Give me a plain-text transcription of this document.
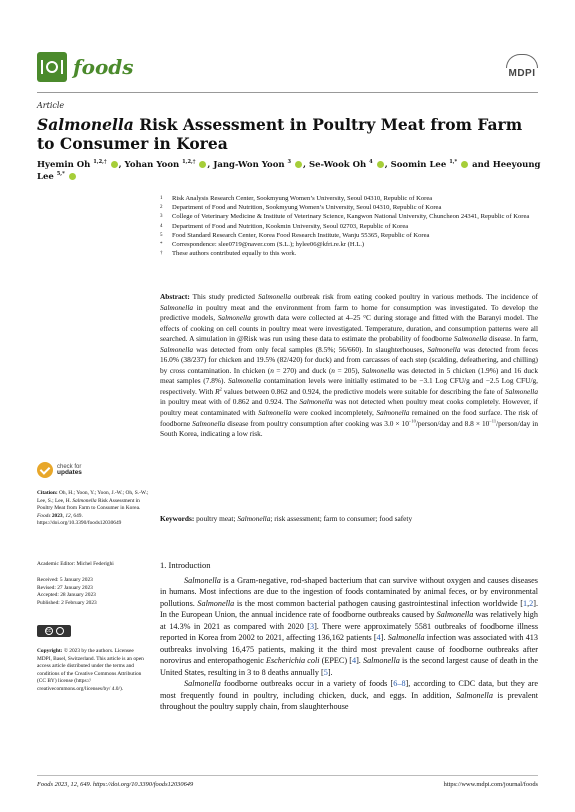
foods	MDPI
Article
Salmonella Risk Assessment in Poultry Meat from Farm to Consumer in Korea
Hyemin Oh $^{1,2,\dagger}$ , Yohan Yoon $^{1,2,\dagger}$ , Jang-Won Yoon $^3$ , Se-Wook Oh $^4$ , Soomin Lee $^{1,*}$  and Heeyoung Lee $^{5,*}$
1	Risk Analysis Research Center, Sookmyung Women’s University, Seoul 04310, Republic of Korea
2	Department of Food and Nutrition, Sookmyung Women’s University, Seoul 04310, Republic of Korea
3	College of Veterinary Medicine & Institute of Veterinary Science, Kangwon National University, Chuncheon 24341, Republic of Korea
4	Department of Food and Nutrition, Kookmin University, Seoul 02703, Republic of Korea
5	Food Standard Research Center, Korea Food Research Institute, Wanju 55365, Republic of Korea
*	Correspondence: slee0719@naver.com (S.L.); hylee06@kfri.re.kr (H.L.)
†	These authors contributed equally to this work.
check for
updates
Citation: Oh, H.; Yoon, Y.; Yoon, J.-W.; Oh, S.-W.; Lee, S.; Lee, H. Salmonella Risk Assessment in Poultry Meat from Farm to Consumer in Korea. Foods 2023, 12, 649. https://doi.org/10.3390/foods12030649
Academic Editor: Michel Federighi
Received: 5 January 2023
Revised: 27 January 2023
Accepted: 28 January 2023
Published: 2 February 2023
cc
Copyright: © 2023 by the authors. Licensee MDPI, Basel, Switzerland. This article is an open access article distributed under the terms and conditions of the Creative Commons Attribution (CC BY) license (https:// creativecommons.org/licenses/by/ 4.0/).
Abstract: This study predicted Salmonella outbreak risk from eating cooked poultry in various methods. The incidence of Salmonella in poultry meat and the environment from farm to home for consumption was investigated. To develop the predictive models, Salmonella growth data were collected at 4–25 °C during storage and fitted with the Baranyi model. The effects of cooking on cell counts in poultry meat were investigated. Temperature, duration, and consumption patterns were all searched. A simulation in @Risk was run using these data to estimate the probability of foodborne Salmonella disease. In farm, Salmonella was detected from only fecal samples (8.5%; 56/660). In slaughterhouses, Salmonella was detected from feces 16.0% (38/237) for chicken and 19.5% (82/420) for duck) and from carcasses of each step (scalding, defeathering, and chilling) by cross contamination. In chicken (n = 270) and duck (n = 205), Salmonella was detected in 5 chicken (1.9%) and 16 duck meat samples (7.8%). Salmonella contamination levels were initially estimated to be −3.1 Log CFU/g and −2.5 Log CFU/g, respectively. With $R^2$ values between 0.862 and 0.924, the predictive models were suitable for describing the fate of Salmonella in poultry meat with of 0.862 and 0.924. The Salmonella was not detected when poultry meat cooks completely. However, if poultry meat contaminated with Salmonella were cooked incompletely, Salmonella remained on the food surface. The risk of foodborne Salmonella disease from poultry consumption after cooking was $3.0 \times 10^{-10}/person$/day and $8.8 \times 10^{-11}/person$/day in South Korea, indicating a low risk.
Keywords: poultry meat; Salmonella; risk assessment; farm to consumer; food safety
1. Introduction

Salmonella is a Gram-negative, rod-shaped bacterium that can survive without oxygen and causes diseases in humans. Most infections are due to the ingestion of foods contaminated by animal feces, or by environmental pollutions. Salmonella is the most common bacterial pathogen causing gastrointestinal infection worldwide [1,2]. In the European Union, the annual incidence rate of foodborne outbreaks caused by Salmonella was relatively high at 14.3% in 2021 as compared with 2020 [3]. There were approximately 5581 outbreaks of foodborne illness reported in Korea from 2002 to 2021, affecting 136,162 patients [4]. Salmonella infection was associated with 413 outbreaks involving 16,475 patients, making it the third most prevalent cause of foodborne outbreaks after norovirus and enteropathogenic Escherichia coli (EPEC) [4]. Salmonella is the second largest cause of death in the United States, resulting in 3 to 8 deaths annually [5].

Salmonella foodborne outbreaks occur in a variety of foods [6–8], according to CDC data, but they are most frequently found in poultry, including chicken, duck, and eggs. In addition, Salmonella is prevalent throughout the poultry supply chain, from slaughterhouse

Foods 2023, 12, 649. https://doi.org/10.3390/foods12030649	https://www.mdpi.com/journal/foods
